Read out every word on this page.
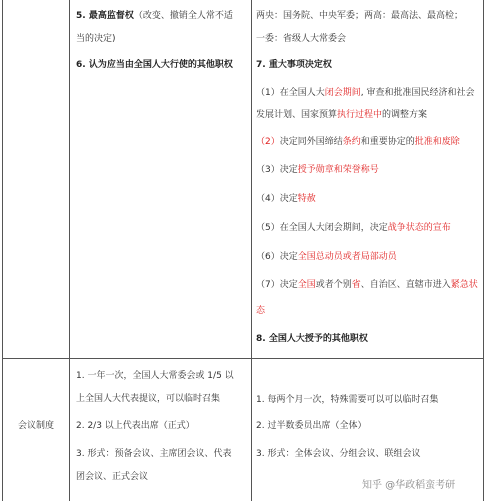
5. 最高监督权（改变、撤销全人常不适
当的决定)
6. 认为应当由全国人大行使的其他职权
两央：国务院、中央军委；两高：最高法、最高检；
一委：省级人大常委会
7. 重大事项决定权
（1）在全国人大闭会期间, 审查和批准国民经济和社会
发展计划、国家预算执行过程中的调整方案
（2）决定同外国缔结条约和重要协定的批准和废除
（3）决定授予勋章和荣誉称号
（4）决定特赦
（5）在全国人大闭会期间，决定战争状态的宣布
（6）决定全国总动员或者局部动员
（7）决定全国或者个别省、自治区、直辖市进入紧急状
态
8. 全国人大授予的其他职权
会议制度
1. 一年一次，全国人大常委会或 1/5 以
上全国人大代表提议，可以临时召集
2. 2/3 以上代表出席（正式）
3. 形式：预备会议、主席团会议、代表
团会议、正式会议
1. 每两个月一次，特殊需要可以可以临时召集
2. 过半数委员出席（全体）
3. 形式：全体会议、分组会议、联组会议
知乎 @华政稻蛮考研
